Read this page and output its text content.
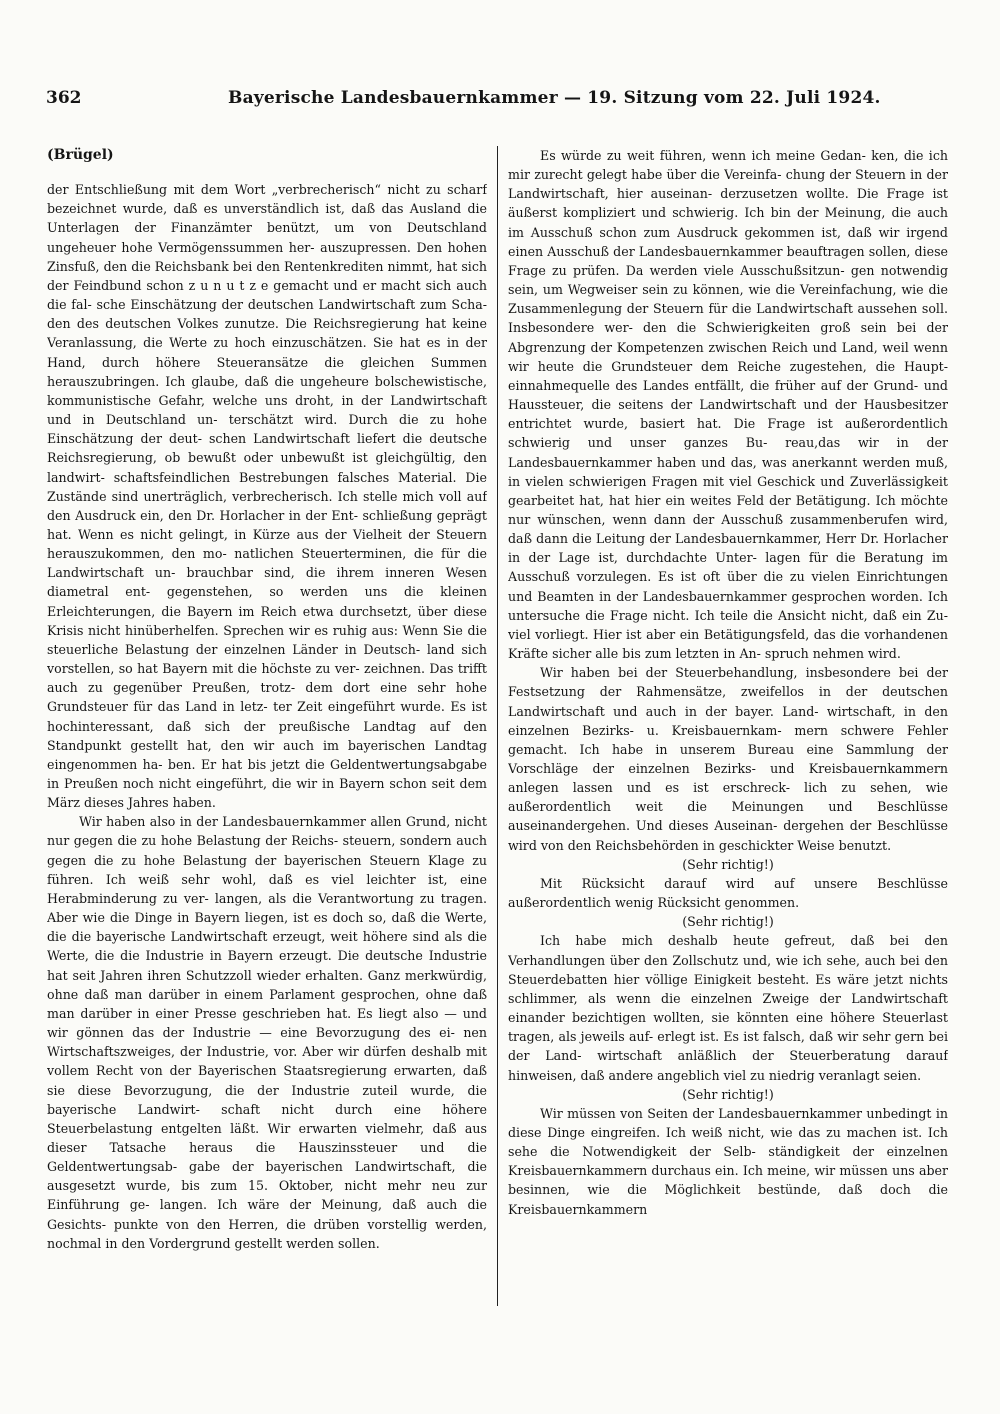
362	Bayerische Landesbauernkammer — 19. Sitzung vom 22. Juli 1924.
(Brügel)

der Entschließung mit dem Wort „verbrecherisch“ nicht zu scharf bezeichnet wurde, daß es unverständlich ist, daß das Ausland die Unterlagen der Finanzämter benützt, um von Deutschland ungeheuer hohe Vermögenssummen her- auszupressen. Den hohen Zinsfuß, den die Reichsbank bei den Rentenkrediten nimmt, hat sich der Feindbund schon z u n u t z e gemacht und er macht sich auch die fal- sche Einschätzung der deutschen Landwirtschaft zum Scha- den des deutschen Volkes zunutze. Die Reichsregierung hat keine Veranlassung, die Werte zu hoch einzuschätzen. Sie hat es in der Hand, durch höhere Steueransätze die gleichen Summen herauszubringen. Ich glaube, daß die ungeheure bolschewistische, kommunistische Gefahr, welche uns droht, in der Landwirtschaft und in Deutschland un- terschätzt wird. Durch die zu hohe Einschätzung der deut- schen Landwirtschaft liefert die deutsche Reichsregierung, ob bewußt oder unbewußt ist gleichgültig, den landwirt- schaftsfeindlichen Bestrebungen falsches Material. Die Zustände sind unerträglich, verbrecherisch. Ich stelle mich voll auf den Ausdruck ein, den Dr. Horlacher in der Ent- schließung geprägt hat. Wenn es nicht gelingt, in Kürze aus der Vielheit der Steuern herauszukommen, den mo- natlichen Steuerterminen, die für die Landwirtschaft un- brauchbar sind, die ihrem inneren Wesen diametral ent- gegenstehen, so werden uns die kleinen Erleichterungen, die Bayern im Reich etwa durchsetzt, über diese Krisis nicht hinüberhelfen. Sprechen wir es ruhig aus: Wenn Sie die steuerliche Belastung der einzelnen Länder in Deutsch- land sich vorstellen, so hat Bayern mit die höchste zu ver- zeichnen. Das trifft auch zu gegenüber Preußen, trotz- dem dort eine sehr hohe Grundsteuer für das Land in letz- ter Zeit eingeführt wurde. Es ist hochinteressant, daß sich der preußische Landtag auf den Standpunkt gestellt hat, den wir auch im bayerischen Landtag eingenommen ha- ben. Er hat bis jetzt die Geldentwertungsabgabe in Preußen noch nicht eingeführt, die wir in Bayern schon seit dem März dieses Jahres haben.

Wir haben also in der Landesbauernkammer allen Grund, nicht nur gegen die zu hohe Belastung der Reichs- steuern, sondern auch gegen die zu hohe Belastung der bayerischen Steuern Klage zu führen. Ich weiß sehr wohl, daß es viel leichter ist, eine Herabminderung zu ver- langen, als die Verantwortung zu tragen. Aber wie die Dinge in Bayern liegen, ist es doch so, daß die Werte, die die bayerische Landwirtschaft erzeugt, weit höhere sind als die Werte, die die Industrie in Bayern erzeugt. Die deutsche Industrie hat seit Jahren ihren Schutzzoll wieder erhalten. Ganz merkwürdig, ohne daß man darüber in einem Parlament gesprochen, ohne daß man darüber in einer Presse geschrieben hat. Es liegt also — und wir gönnen das der Industrie — eine Bevorzugung des ei- nen Wirtschaftszweiges, der Industrie, vor. Aber wir dürfen deshalb mit vollem Recht von der Bayerischen Staatsregierung erwarten, daß sie diese Bevorzugung, die der Industrie zuteil wurde, die bayerische Landwirt- schaft nicht durch eine höhere Steuerbelastung entgelten läßt. Wir erwarten vielmehr, daß aus dieser Tatsache heraus die Hauszinssteuer und die Geldentwertungsab- gabe der bayerischen Landwirtschaft, die ausgesetzt wurde, bis zum 15. Oktober, nicht mehr neu zur Einführung ge- langen. Ich wäre der Meinung, daß auch die Gesichts- punkte von den Herren, die drüben vorstellig werden, nochmal in den Vordergrund gestellt werden sollen.

Es würde zu weit führen, wenn ich meine Gedan- ken, die ich mir zurecht gelegt habe über die Vereinfa- chung der Steuern in der Landwirtschaft, hier auseinan- derzusetzen wollte. Die Frage ist äußerst kompliziert und schwierig. Ich bin der Meinung, die auch im Ausschuß schon zum Ausdruck gekommen ist, daß wir irgend einen Ausschuß der Landesbauernkammer beauftragen sollen, diese Frage zu prüfen. Da werden viele Ausschußsitzun- gen notwendig sein, um Wegweiser sein zu können, wie die Vereinfachung, wie die Zusammenlegung der Steuern für die Landwirtschaft aussehen soll. Insbesondere wer- den die Schwierigkeiten groß sein bei der Abgrenzung der Kompetenzen zwischen Reich und Land, weil wenn wir heute die Grundsteuer dem Reiche zugestehen, die Haupt- einnahmequelle des Landes entfällt, die früher auf der Grund- und Haussteuer, die seitens der Landwirtschaft und der Hausbesitzer entrichtet wurde, basiert hat. Die Frage ist außerordentlich schwierig und unser ganzes Bu- reau,das wir in der Landesbauernkammer haben und das, was anerkannt werden muß, in vielen schwierigen Fragen mit viel Geschick und Zuverlässigkeit gearbeitet hat, hat hier ein weites Feld der Betätigung. Ich möchte nur wünschen, wenn dann der Ausschuß zusammenberufen wird, daß dann die Leitung der Landesbauernkammer, Herr Dr. Horlacher in der Lage ist, durchdachte Unter- lagen für die Beratung im Ausschuß vorzulegen. Es ist oft über die zu vielen Einrichtungen und Beamten in der Landesbauernkammer gesprochen worden. Ich untersuche die Frage nicht. Ich teile die Ansicht nicht, daß ein Zu- viel vorliegt. Hier ist aber ein Betätigungsfeld, das die vorhandenen Kräfte sicher alle bis zum letzten in An- spruch nehmen wird.

Wir haben bei der Steuerbehandlung, insbesondere bei der Festsetzung der Rahmensätze, zweifellos in der deutschen Landwirtschaft und auch in der bayer. Land- wirtschaft, in den einzelnen Bezirks- u. Kreisbauernkam- mern schwere Fehler gemacht. Ich habe in unserem Bureau eine Sammlung der Vorschläge der einzelnen Bezirks- und Kreisbauernkammern anlegen lassen und es ist erschreck- lich zu sehen, wie außerordentlich weit die Meinungen und Beschlüsse auseinandergehen. Und dieses Auseinan- dergehen der Beschlüsse wird von den Reichsbehörden in geschickter Weise benutzt.

(Sehr richtig!)

Mit Rücksicht darauf wird auf unsere Beschlüsse außerordentlich wenig Rücksicht genommen.

(Sehr richtig!)

Ich habe mich deshalb heute gefreut, daß bei den Verhandlungen über den Zollschutz und, wie ich sehe, auch bei den Steuerdebatten hier völlige Einigkeit besteht. Es wäre jetzt nichts schlimmer, als wenn die einzelnen Zweige der Landwirtschaft einander bezichtigen wollten, sie könnten eine höhere Steuerlast tragen, als jeweils auf- erlegt ist. Es ist falsch, daß wir sehr gern bei der Land- wirtschaft anläßlich der Steuerberatung darauf hinweisen, daß andere angeblich viel zu niedrig veranlagt seien.

(Sehr richtig!)

Wir müssen von Seiten der Landesbauernkammer unbedingt in diese Dinge eingreifen. Ich weiß nicht, wie das zu machen ist. Ich sehe die Notwendigkeit der Selb- ständigkeit der einzelnen Kreisbauernkammern durchaus ein. Ich meine, wir müssen uns aber besinnen, wie die Möglichkeit bestünde, daß doch die Kreisbauernkammern
